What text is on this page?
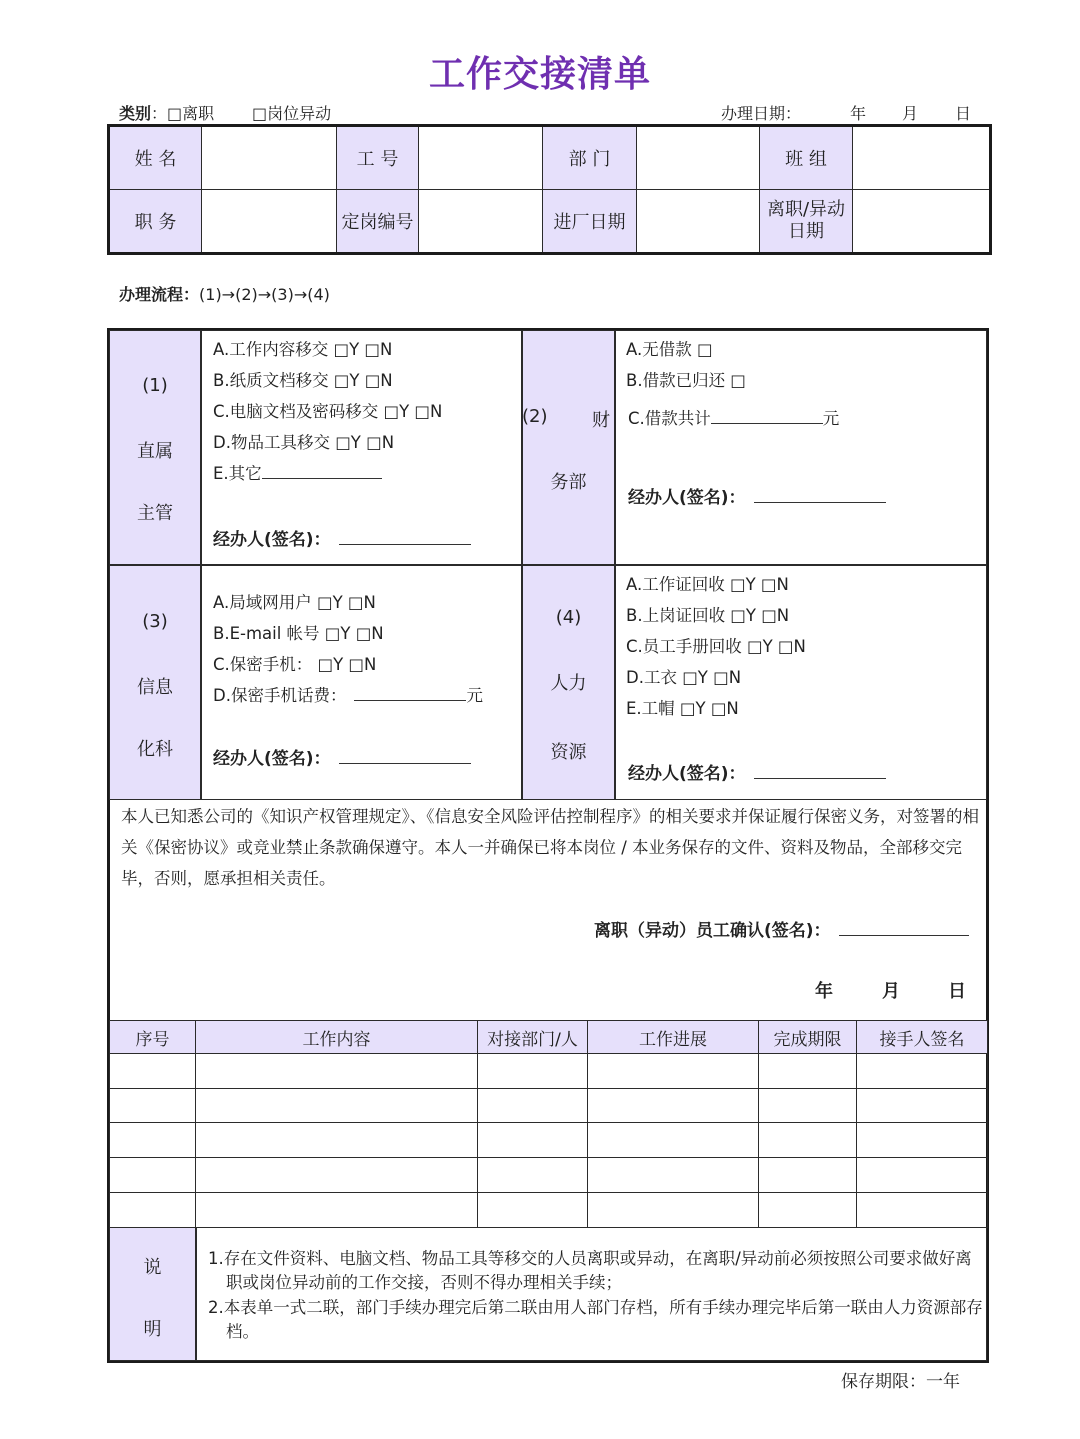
工作交接清单
类别：□离职 □岗位异动	办理日期：	年 月 日
姓 名		工 号		部 门		班 组	
职 务		定岗编号		进厂日期		离职/异动
日期	

办理流程：(1)→(2)→(3)→(4)
(1)
直属
主管
A.工作内容移交 □Y □N
B.纸质文档移交 □Y □N
C.电脑文档及密码移交 □Y □N
D.物品工具移交 □Y □N
E.其它
经办人(签名)：
(2) 财
务部
A.无借款 □
B.借款已归还 □
C.借款共计	元
经办人(签名)：
(3)
信息
化科
A.局域网用户 □Y □N
B.E-mail 帐号 □Y □N
C.保密手机： □Y □N
D.保密手机话费：	元
经办人(签名)：
(4)
人力
资源
A.工作证回收 □Y □N
B.上岗证回收 □Y □N
C.员工手册回收 □Y □N
D.工衣 □Y □N
E.工帽 □Y □N
经办人(签名)：
本人已知悉公司的《知识产权管理规定》、《信息安全风险评估控制程序》的相关要求并保证履行保密义务，对签署的相关《保密协议》或竞业禁止条款确保遵守。本人一并确保已将本岗位 / 本业务保存的文件、资料及物品，全部移交完毕，否则，愿承担相关责任。
离职（异动）员工确认(签名)：
年	月	日
序号	工作内容	对接部门/人	工作进展	完成期限	接手人签名

说
明
1.存在文件资料、电脑文档、物品工具等移交的人员离职或异动，在离职/异动前必须按照公司要求做好离职或岗位异动前的工作交接，否则不得办理相关手续；
2.本表单一式二联，部门手续办理完后第二联由用人部门存档，所有手续办理完毕后第一联由人力资源部存档。
保存期限：一年
